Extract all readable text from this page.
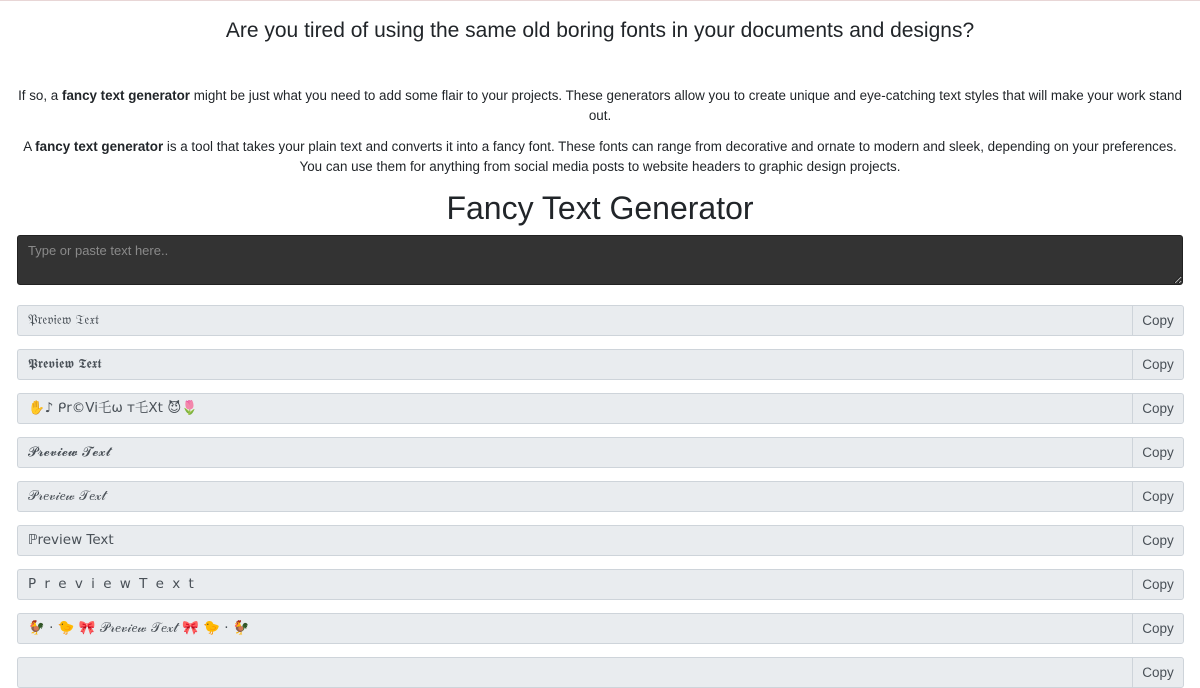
Are you tired of using the same old boring fonts in your documents and designs?

If so, a fancy text generator might be just what you need to add some flair to your projects. These generators allow you to create unique and eye-catching text styles that will make your work stand out.

A fancy text generator is a tool that takes your plain text and converts it into a fancy font. These fonts can range from decorative and ornate to modern and sleek, depending on your preferences. You can use them for anything from social media posts to website headers to graphic design projects.

Fancy Text Generator
Type or paste text here..
𝔓𝔯𝔢𝔳𝔦𝔢𝔴 𝔗𝔢𝔵𝔱	Copy
𝕻𝖗𝖊𝖛𝖎𝖊𝖜 𝕿𝖊𝖝𝖙	Copy
✋♪ ᑭr©Vi乇ω т乇Xt 😈🌷	Copy
𝓟𝓻𝓮𝓿𝓲𝓮𝔀 𝓣𝓮𝔁𝓽	Copy
𝒫𝓇𝑒𝓋𝒾𝑒𝓌 𝒯𝑒𝓍𝓉	Copy
ℙreview Text	Copy
P r e v i e w T e x t	Copy
🐓 · 🐤 🎀 𝒫𝓇𝑒𝓋𝒾𝑒𝓌 𝒯𝑒𝓍𝓉 🎀 🐤 · 🐓	Copy
Copy
